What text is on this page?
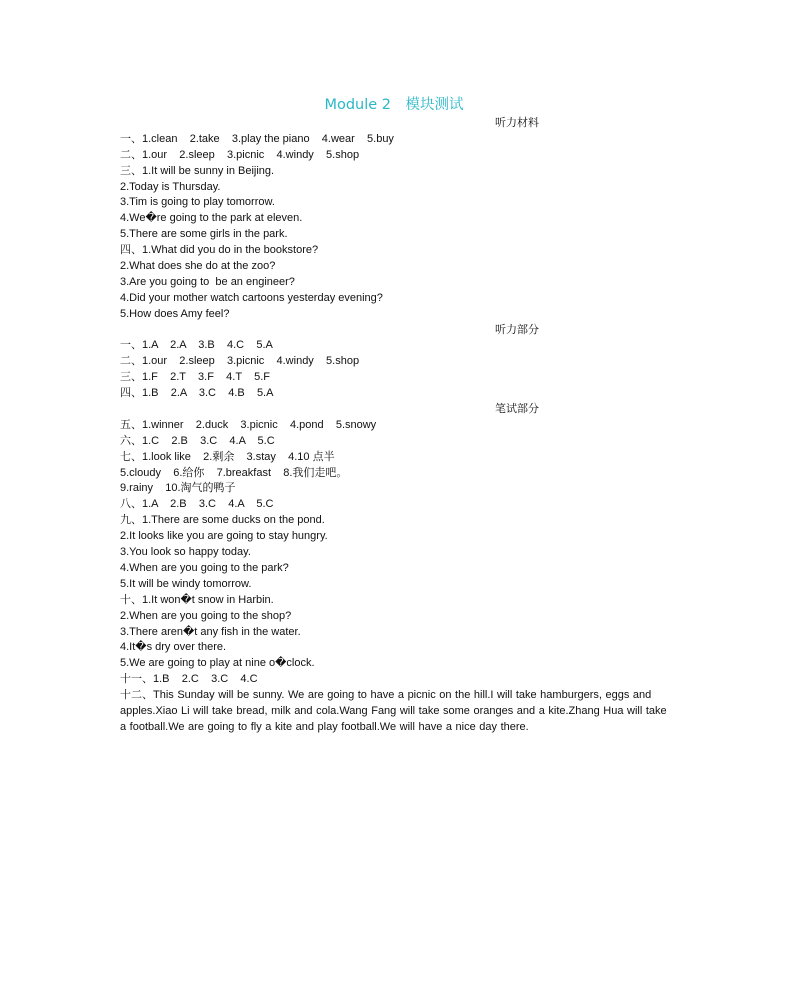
Module 2　模块测试
听力材料
一、1.clean    2.take    3.play the piano    4.wear    5.buy
二、1.our    2.sleep    3.picnic    4.windy    5.shop
三、1.It will be sunny in Beijing.
2.Today is Thursday.
3.Tim is going to play tomorrow.
4.We�re going to the park at eleven.
5.There are some girls in the park.
四、1.What did you do in the bookstore?
2.What does she do at the zoo?
3.Are you going to  be an engineer?
4.Did your mother watch cartoons yesterday evening?
5.How does Amy feel?
听力部分
一、1.A    2.A    3.B    4.C    5.A
二、1.our    2.sleep    3.picnic    4.windy    5.shop
三、1.F    2.T    3.F    4.T    5.F
四、1.B    2.A    3.C    4.B    5.A
笔试部分
五、1.winner    2.duck    3.picnic    4.pond    5.snowy
六、1.C    2.B    3.C    4.A    5.C
七、1.look like    2.剩余    3.stay    4.10 点半
5.cloudy    6.给你    7.breakfast    8.我们走吧。
9.rainy    10.淘气的鸭子
八、1.A    2.B    3.C    4.A    5.C
九、1.There are some ducks on the pond.
2.It looks like you are going to stay hungry.
3.You look so happy today.
4.When are you going to the park?
5.It will be windy tomorrow.
十、1.It won�t snow in Harbin.
2.When are you going to the shop?
3.There aren�t any fish in the water.
4.It�s dry over there.
5.We are going to play at nine o�clock.
十一、1.B    2.C    3.C    4.C
十二、This Sunday will be sunny. We are going to have a picnic on the hill.I will take hamburgers, eggs and apples.Xiao Li will take bread, milk and cola.Wang Fang will take some oranges and a kite.Zhang Hua will take a football.We are going to fly a kite and play football.We will have a nice day there.
